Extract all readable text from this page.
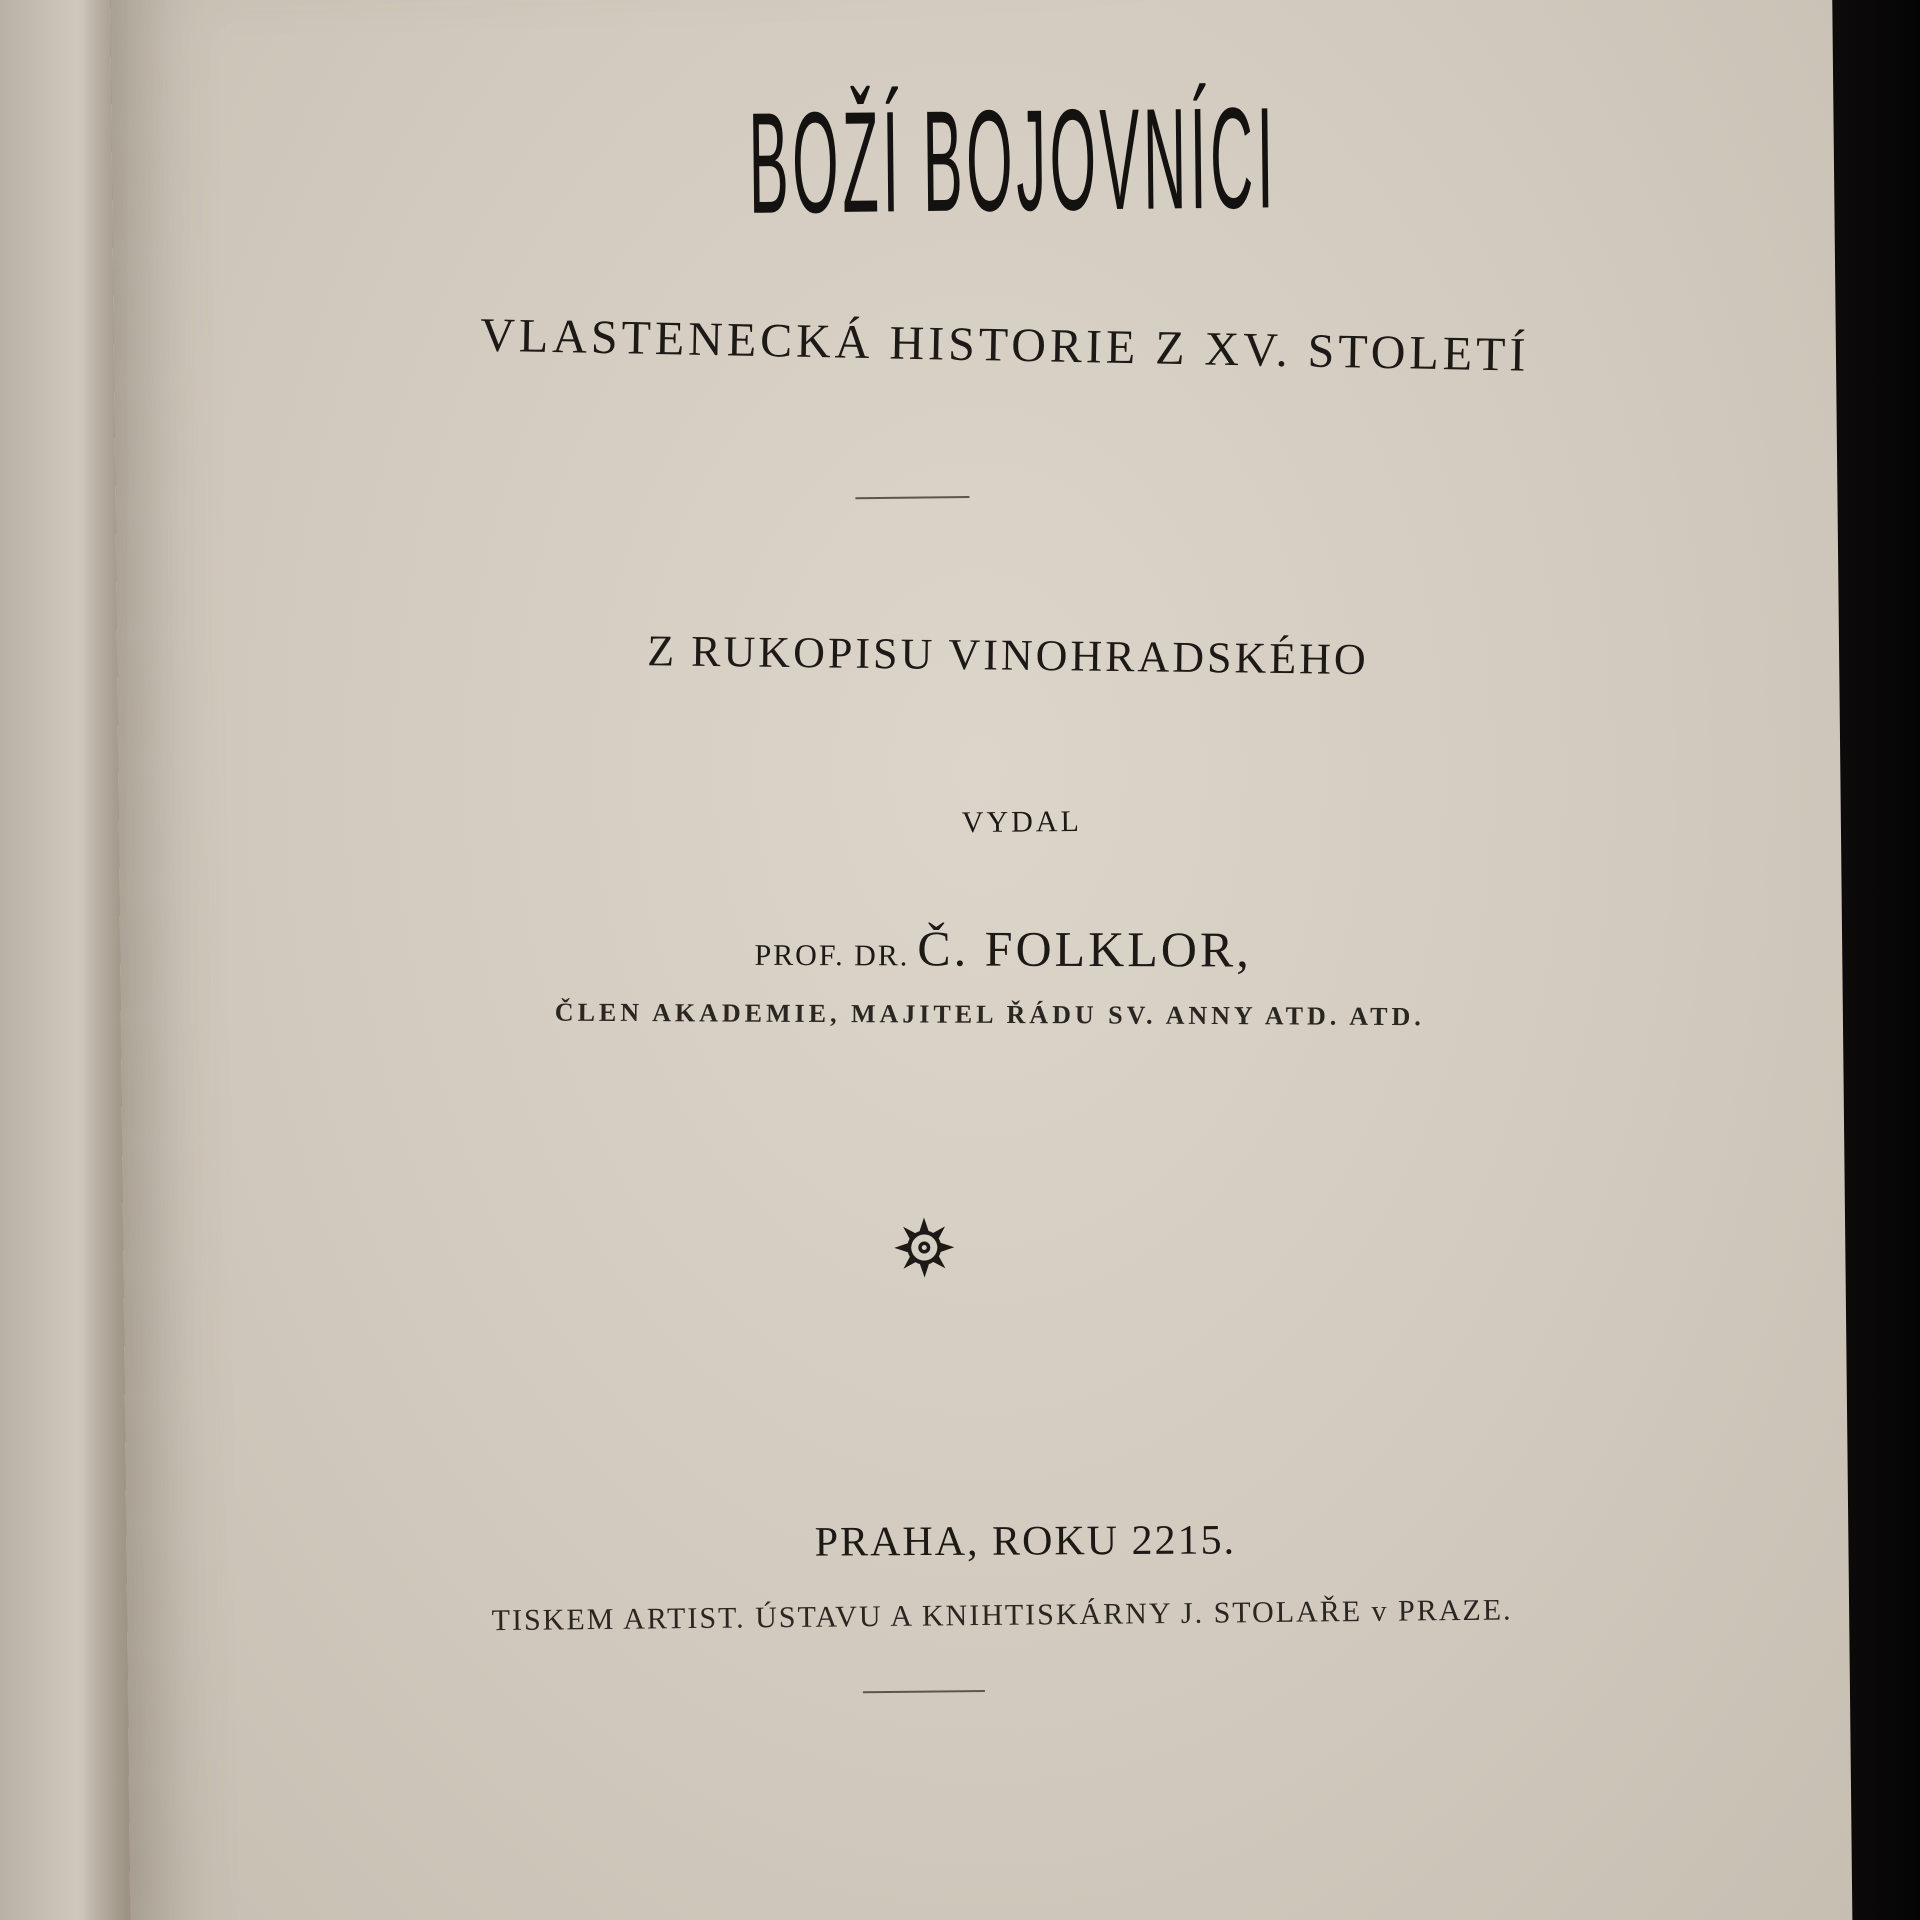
BOŽÍ BOJOVNÍCI
VLASTENECKÁ HISTORIE Z XV. STOLETÍ
Z RUKOPISU VINOHRADSKÉHO
VYDAL
PROF. DR. Č. FOLKLOR,
ČLEN AKADEMIE, MAJITEL ŘÁDU SV. ANNY ATD. ATD.
PRAHA, ROKU 2215.
TISKEM ARTIST. ÚSTAVU A KNIHTISKÁRNY J. STOLAŘE v PRAZE.
